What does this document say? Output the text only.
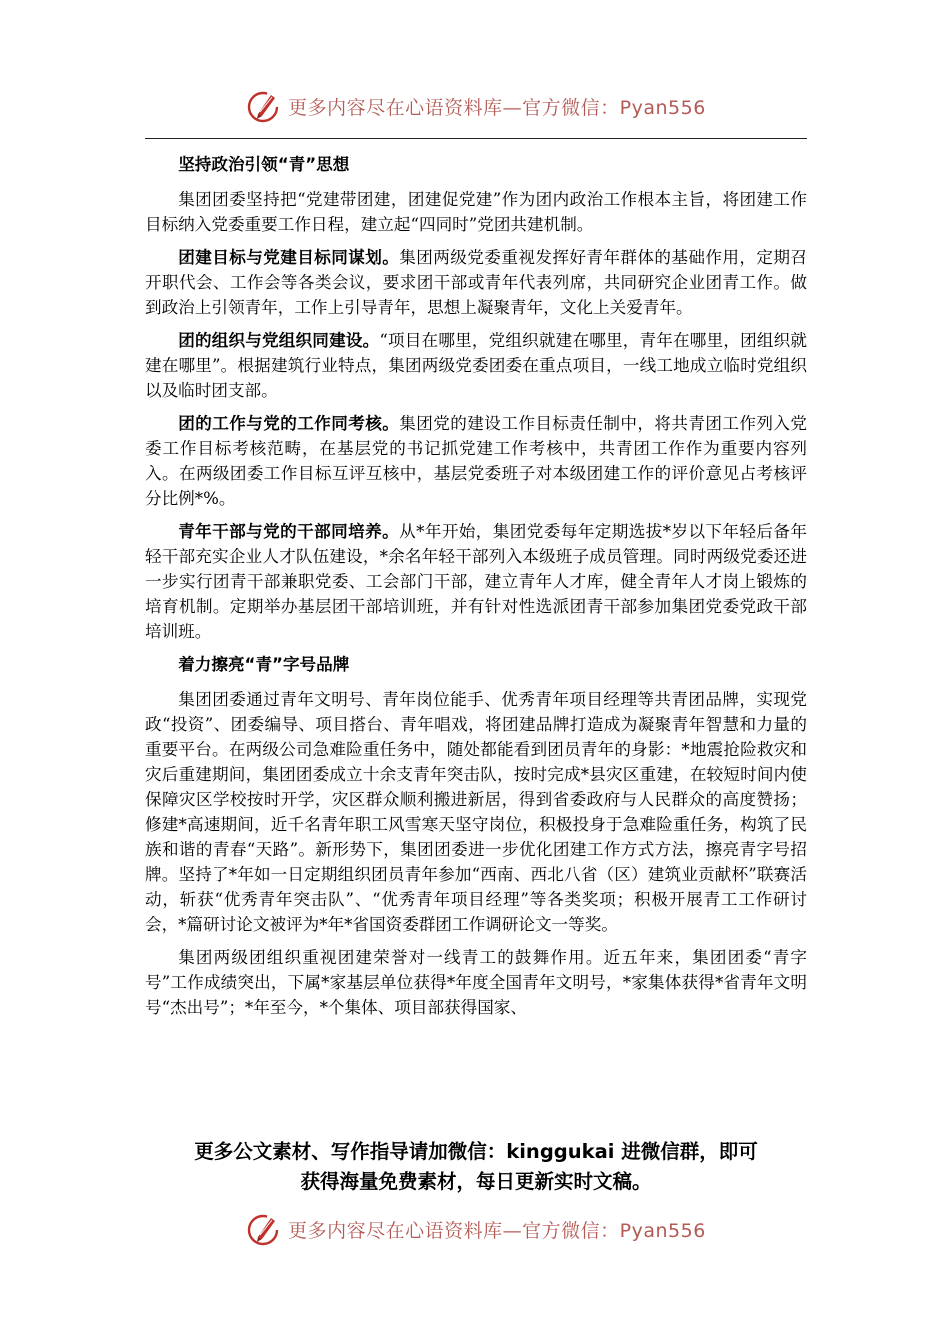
更多内容尽在心语资料库—官方微信：Pyan556

坚持政治引领“青”思想

集团团委坚持把“党建带团建，团建促党建”作为团内政治工作根本主旨，将团建工作目标纳入党委重要工作日程，建立起“四同时”党团共建机制。

团建目标与党建目标同谋划。集团两级党委重视发挥好青年群体的基础作用，定期召开职代会、工作会等各类会议，要求团干部或青年代表列席，共同研究企业团青工作。做到政治上引领青年，工作上引导青年，思想上凝聚青年，文化上关爱青年。

团的组织与党组织同建设。“项目在哪里，党组织就建在哪里，青年在哪里，团组织就建在哪里”。根据建筑行业特点，集团两级党委团委在重点项目，一线工地成立临时党组织以及临时团支部。

团的工作与党的工作同考核。集团党的建设工作目标责任制中，将共青团工作列入党委工作目标考核范畴，在基层党的书记抓党建工作考核中，共青团工作作为重要内容列入。在两级团委工作目标互评互核中，基层党委班子对本级团建工作的评价意见占考核评分比例*%。

青年干部与党的干部同培养。从*年开始，集团党委每年定期选拔*岁以下年轻后备年轻干部充实企业人才队伍建设，*余名年轻干部列入本级班子成员管理。同时两级党委还进一步实行团青干部兼职党委、工会部门干部，建立青年人才库，健全青年人才岗上锻炼的培育机制。定期举办基层团干部培训班，并有针对性选派团青干部参加集团党委党政干部培训班。

着力擦亮“青”字号品牌

集团团委通过青年文明号、青年岗位能手、优秀青年项目经理等共青团品牌，实现党政“投资”、团委编导、项目搭台、青年唱戏，将团建品牌打造成为凝聚青年智慧和力量的重要平台。在两级公司急难险重任务中，随处都能看到团员青年的身影：*地震抢险救灾和灾后重建期间，集团团委成立十余支青年突击队，按时完成*县灾区重建，在较短时间内使保障灾区学校按时开学，灾区群众顺利搬进新居，得到省委政府与人民群众的高度赞扬；修建*高速期间，近千名青年职工风雪寒天坚守岗位，积极投身于急难险重任务，构筑了民族和谐的青春“天路”。新形势下，集团团委进一步优化团建工作方式方法，擦亮青字号招牌。坚持了*年如一日定期组织团员青年参加“西南、西北八省（区）建筑业贡献杯”联赛活动，斩获“优秀青年突击队”、“优秀青年项目经理”等各类奖项；积极开展青工工作研讨会，*篇研讨论文被评为*年*省国资委群团工作调研论文一等奖。

集团两级团组织重视团建荣誉对一线青工的鼓舞作用。近五年来，集团团委“青字号”工作成绩突出，下属*家基层单位获得*年度全国青年文明号，*家集体获得*省青年文明号“杰出号”；*年至今，*个集体、项目部获得国家、

更多公文素材、写作指导请加微信：kinggukai 进微信群，即可
获得海量免费素材，每日更新实时文稿。
更多内容尽在心语资料库—官方微信：Pyan556
